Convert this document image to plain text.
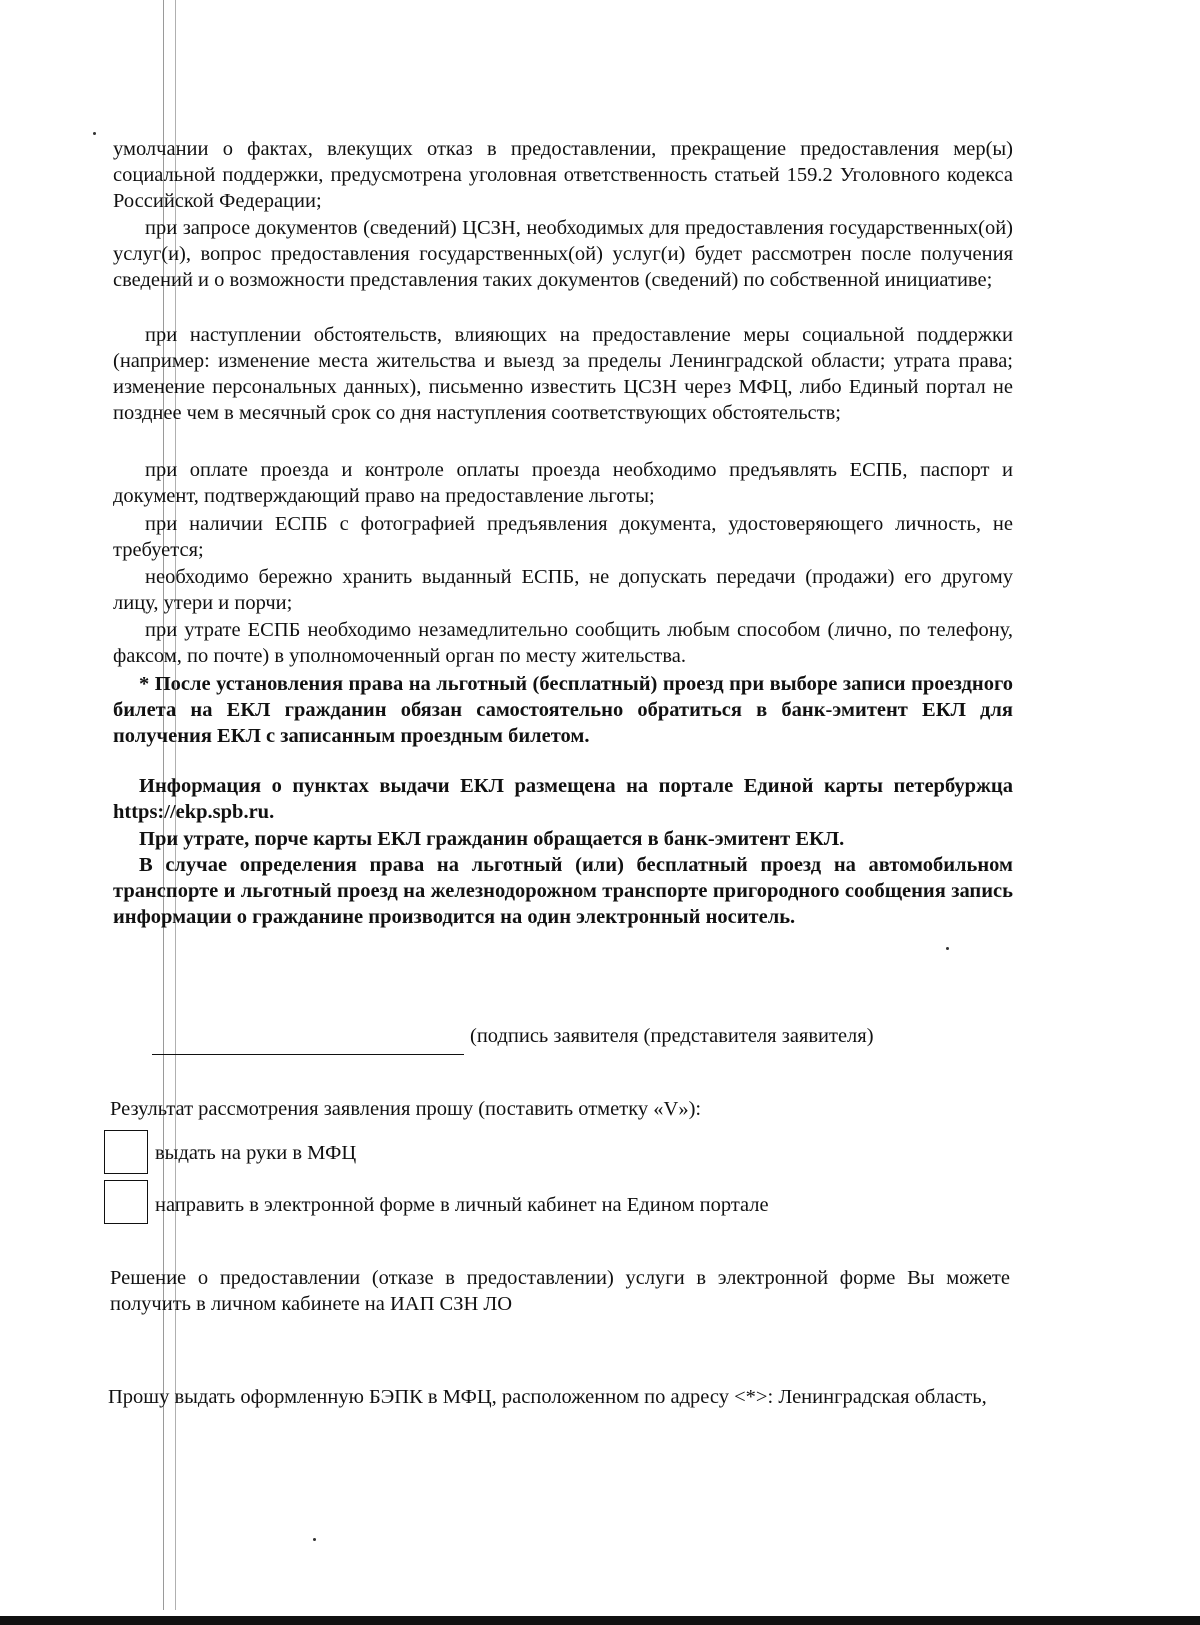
умолчании о фактах, влекущих отказ в предоставлении, прекращение предоставления мер(ы) социальной поддержки, предусмотрена уголовная ответственность статьей 159.2 Уголовного кодекса Российской Федерации;

при запросе документов (сведений) ЦСЗН, необходимых для предоставления государственных(ой) услуг(и), вопрос предоставления государственных(ой) услуг(и) будет рассмотрен после получения сведений и о возможности представления таких документов (сведений) по собственной инициативе;

при наступлении обстоятельств, влияющих на предоставление меры социальной поддержки (например: изменение места жительства и выезд за пределы Ленинградской области; утрата права; изменение персональных данных), письменно известить ЦСЗН через МФЦ, либо Единый портал не позднее чем в месячный срок со дня наступления соответствующих обстоятельств;

при оплате проезда и контроле оплаты проезда необходимо предъявлять ЕСПБ, паспорт и документ, подтверждающий право на предоставление льготы;

при наличии ЕСПБ с фотографией предъявления документа, удостоверяющего личность, не требуется;

необходимо бережно хранить выданный ЕСПБ, не допускать передачи (продажи) его другому лицу, утери и порчи;

при утрате ЕСПБ необходимо незамедлительно сообщить любым способом (лично, по телефону, факсом, по почте) в уполномоченный орган по месту жительства.

* После установления права на льготный (бесплатный) проезд при выборе записи проездного билета на ЕКЛ гражданин обязан самостоятельно обратиться в банк-эмитент ЕКЛ для получения ЕКЛ с записанным проездным билетом.

Информация о пунктах выдачи ЕКЛ размещена на портале Единой карты петербуржца https://ekp.spb.ru.

При утрате, порче карты ЕКЛ гражданин обращается в банк-эмитент ЕКЛ.

В случае определения права на льготный (или) бесплатный проезд на автомобильном транспорте и льготный проезд на железнодорожном транспорте пригородного сообщения запись информации о гражданине производится на один электронный носитель.

(подпись заявителя (представителя заявителя)

Результат рассмотрения заявления прошу (поставить отметку «V»):

выдать на руки в МФЦ

направить в электронной форме в личный кабинет на Едином портале

Решение о предоставлении (отказе в предоставлении) услуги в электронной форме Вы можете получить в личном кабинете на ИАП СЗН ЛО

Прошу выдать оформленную БЭПК в МФЦ, расположенном по адресу <*>: Ленинградская область,
